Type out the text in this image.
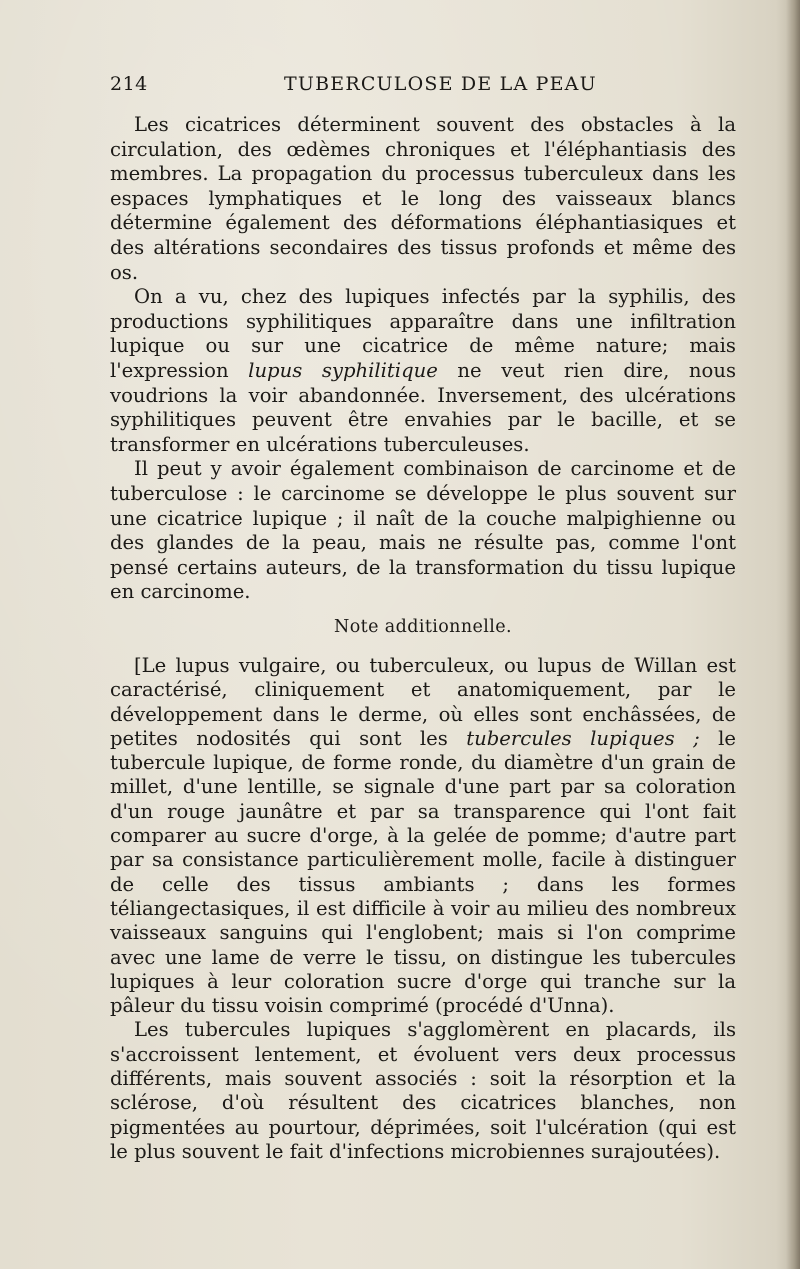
214	TUBERCULOSE DE LA PEAU

Les cicatrices déterminent souvent des obstacles à la circulation, des œdèmes chroniques et l'éléphantiasis des membres. La propagation du processus tuberculeux dans les espaces lymphatiques et le long des vaisseaux blancs détermine également des déformations éléphantiasiques et des altérations secondaires des tissus profonds et même des os.

On a vu, chez des lupiques infectés par la syphilis, des productions syphilitiques apparaître dans une infiltration lupique ou sur une cicatrice de même nature; mais l'expression lupus syphilitique ne veut rien dire, nous voudrions la voir abandonnée. Inversement, des ulcérations syphilitiques peuvent être envahies par le bacille, et se transformer en ulcérations tuberculeuses.

Il peut y avoir également combinaison de carcinome et de tuberculose : le carcinome se développe le plus souvent sur une cicatrice lupique ; il naît de la couche malpighienne ou des glandes de la peau, mais ne résulte pas, comme l'ont pensé certains auteurs, de la transformation du tissu lupique en carcinome.

Note additionnelle.

[Le lupus vulgaire, ou tuberculeux, ou lupus de Willan est caractérisé, cliniquement et anatomiquement, par le développement dans le derme, où elles sont enchâssées, de petites nodosités qui sont les tubercules lupiques ; le tubercule lupique, de forme ronde, du diamètre d'un grain de millet, d'une lentille, se signale d'une part par sa coloration d'un rouge jaunâtre et par sa transparence qui l'ont fait comparer au sucre d'orge, à la gelée de pomme; d'autre part par sa consistance particulièrement molle, facile à distinguer de celle des tissus ambiants ; dans les formes téliangectasiques, il est difficile à voir au milieu des nombreux vaisseaux sanguins qui l'englobent; mais si l'on comprime avec une lame de verre le tissu, on distingue les tubercules lupiques à leur coloration sucre d'orge qui tranche sur la pâleur du tissu voisin comprimé (procédé d'Unna).

Les tubercules lupiques s'agglomèrent en placards, ils s'accroissent lentement, et évoluent vers deux processus différents, mais souvent associés : soit la résorption et la sclérose, d'où résultent des cicatrices blanches, non pigmentées au pourtour, déprimées, soit l'ulcération (qui est le plus souvent le fait d'infections microbiennes surajoutées).
